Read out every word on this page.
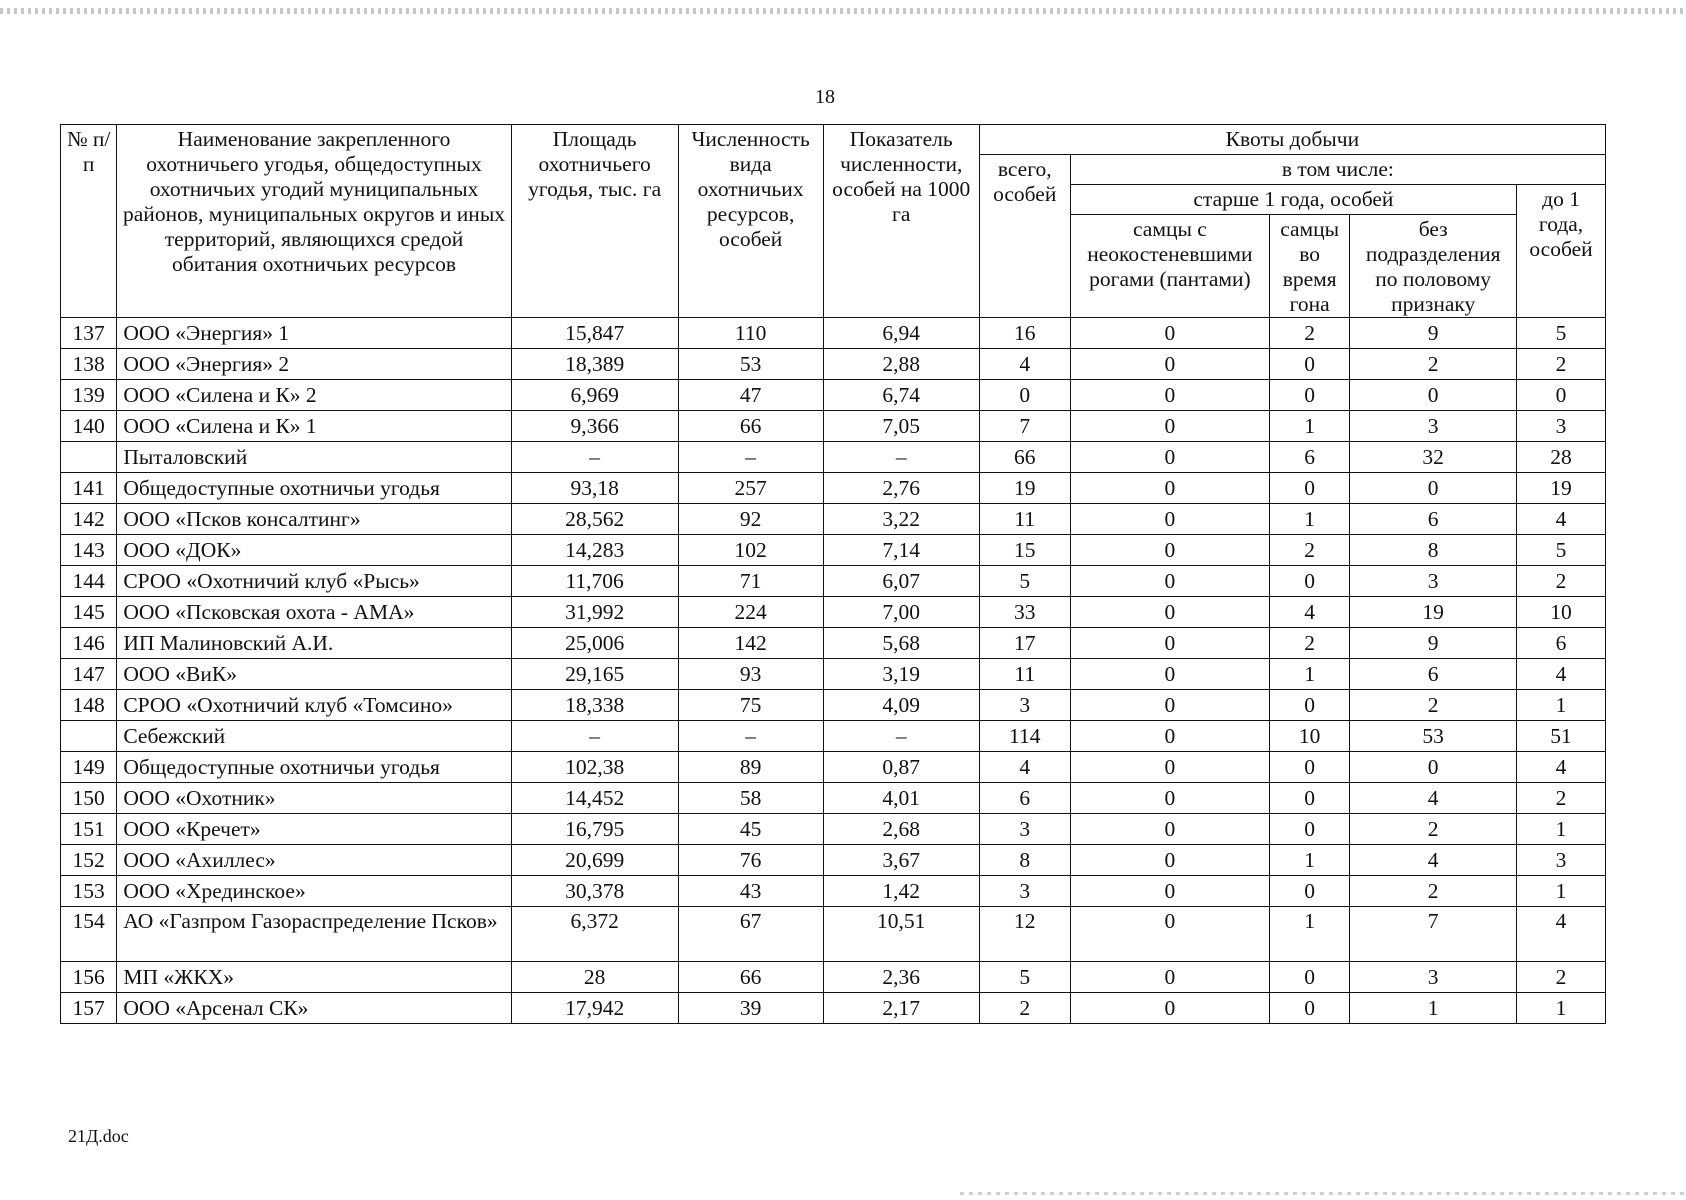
18
№ п/п	Наименование закрепленного охотничьего угодья, общедоступных охотничьих угодий муниципальных районов, муниципальных округов и иных территорий, являющихся средой обитания охотничьих ресурсов	Площадь охотничьего угодья, тыс. га	Численность вида охотничьих ресурсов, особей	Показатель численности, особей на 1000 га	Квоты добычи				
					всего, особей	в том числе:			
						старше 1 года, особей			до 1 года, особей
						самцы с неокостеневшими рогами (пантами)	самцы во время гона	без подразделения по половому признаку	
137	ООО «Энергия» 1	15,847	110	6,94	16	0	2	9	5
138	ООО «Энергия» 2	18,389	53	2,88	4	0	0	2	2
139	ООО «Силена и К» 2	6,969	47	6,74	0	0	0	0	0
140	ООО «Силена и К» 1	9,366	66	7,05	7	0	1	3	3
	Пыталовский	–	–	–	66	0	6	32	28
141	Общедоступные охотничьи угодья	93,18	257	2,76	19	0	0	0	19
142	ООО «Псков консалтинг»	28,562	92	3,22	11	0	1	6	4
143	ООО «ДОК»	14,283	102	7,14	15	0	2	8	5
144	СРОО «Охотничий клуб «Рысь»	11,706	71	6,07	5	0	0	3	2
145	ООО «Псковская охота - АМА»	31,992	224	7,00	33	0	4	19	10
146	ИП Малиновский А.И.	25,006	142	5,68	17	0	2	9	6
147	ООО «ВиК»	29,165	93	3,19	11	0	1	6	4
148	СРОО «Охотничий клуб «Томсино»	18,338	75	4,09	3	0	0	2	1
	Себежский	–	–	–	114	0	10	53	51
149	Общедоступные охотничьи угодья	102,38	89	0,87	4	0	0	0	4
150	ООО «Охотник»	14,452	58	4,01	6	0	0	4	2
151	ООО «Кречет»	16,795	45	2,68	3	0	0	2	1
152	ООО «Ахиллес»	20,699	76	3,67	8	0	1	4	3
153	ООО «Хрединское»	30,378	43	1,42	3	0	0	2	1
154	АО «Газпром Газораспределение Псков»	6,372	67	10,51	12	0	1	7	4
156	МП «ЖКХ»	28	66	2,36	5	0	0	3	2
157	ООО «Арсенал СК»	17,942	39	2,17	2	0	0	1	1
21Д.doc
